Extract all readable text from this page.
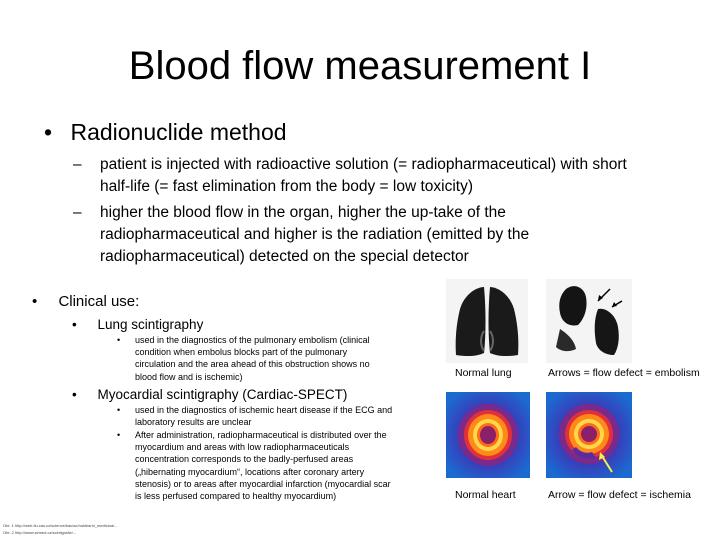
Blood flow measurement I
• Radionuclide method
– patient is injected with radioactive solution (= radiopharmaceutical) with short half-life (= fast elimination from the body = low toxicity)
– higher the blood flow in the organ, higher the up-take of the radiopharmaceutical and higher is the radiation (emitted by the radiopharmaceutical) detected on the special detector
• Clinical use:
• Lung scintigraphy
• used in the diagnostics of the pulmonary embolism (clinical condition when embolus blocks part of the pulmonary circulation and the area ahead of this obstruction shows no blood flow and is ischemic)
• Myocardial scintigraphy (Cardiac-SPECT)
• used in the diagnostics of ischemic heart disease if the ECG and laboratory results are unclear
• After administration, radiopharmaceutical is distributed over the myocardium and areas with low radiopharmaceuticals concentration corresponds to the badly-perfused areas („hibernating myocardium“, locations after coronary artery stenosis) or to areas after myocardial infarction (myocardial scar is less perfused compared to healthy myocardium)
Normal lung	Arrows = flow defect = embolism
Normal heart	Arrow = flow defect = ischemia
Obr. 1 http://web.flu.cas.cz/science/kac/ac/nuklearni_medicina/...
Obr. 2 http://www.svmed.cz/scintigrafie/...
